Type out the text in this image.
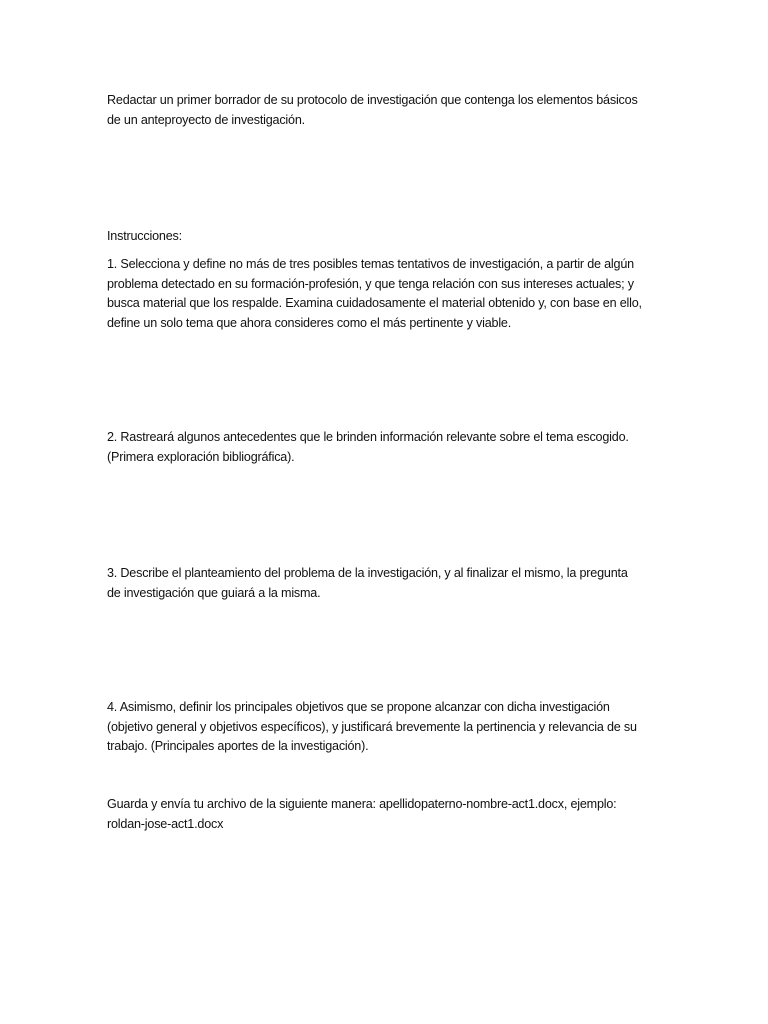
Redactar un primer borrador de su protocolo de investigación que contenga los elementos básicos
de un anteproyecto de investigación.

Instrucciones:

1. Selecciona y define no más de tres posibles temas tentativos de investigación, a partir de algún
problema detectado en su formación-profesión, y que tenga relación con sus intereses actuales; y
busca material que los respalde. Examina cuidadosamente el material obtenido y, con base en ello,
define un solo tema que ahora consideres como el más pertinente y viable.

2. Rastreará algunos antecedentes que le brinden información relevante sobre el tema escogido.
(Primera exploración bibliográfica).

3. Describe el planteamiento del problema de la investigación, y al finalizar el mismo, la pregunta
de investigación que guiará a la misma.

4. Asimismo, definir los principales objetivos que se propone alcanzar con dicha investigación
(objetivo general y objetivos específicos), y justificará brevemente la pertinencia y relevancia de su
trabajo. (Principales aportes de la investigación).

Guarda y envía tu archivo de la siguiente manera: apellidopaterno-nombre-act1.docx, ejemplo:
roldan-jose-act1.docx
